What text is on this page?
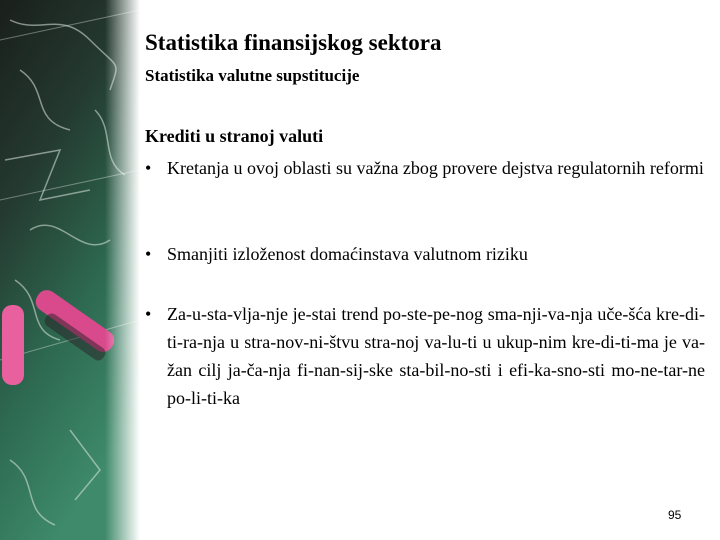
Statistika finansijskog sektora
Statistika valutne supstitucije
Krediti u stranoj valuti
• Kretanja u ovoj oblasti su važna zbog provere dejstva regulatornih reformi
• Smanjiti izloženost domaćinstava valutnom riziku
• Za-u-sta-vlja-nje je-stai trend po-ste-pe-nog sma-nji-va-nja uče-šća kre-di-ti-ra-nja u stra-nov-ni-štvu stra-noj va-lu-ti u ukup-nim kre-di-ti-ma je va-žan cilj ja-ča-nja fi-nan-sij-ske sta-bil-no-sti i efi-ka-sno-sti mo-ne-tar-ne po-li-ti-ka
95
